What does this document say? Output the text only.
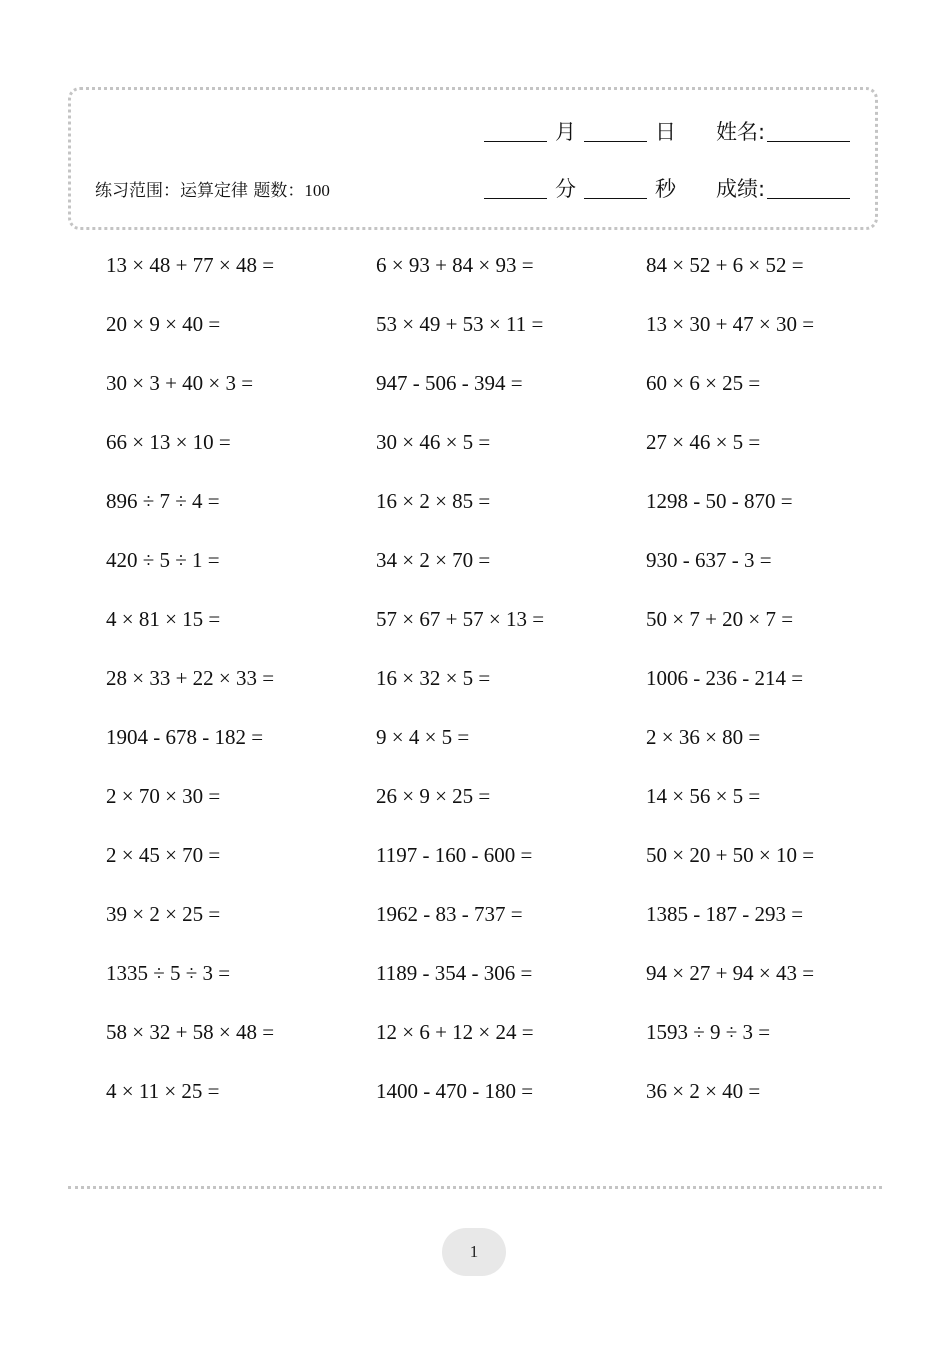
练习范围：运算定律 题数：100
月	日 姓名:
分	秒 成绩:
13 × 48 + 77 × 48 =	6 × 93 + 84 × 93 =	84 × 52 + 6 × 52 =
20 × 9 × 40 =	53 × 49 + 53 × 11 =	13 × 30 + 47 × 30 =
30 × 3 + 40 × 3 =	947 - 506 - 394 =	60 × 6 × 25 =
66 × 13 × 10 =	30 × 46 × 5 =	27 × 46 × 5 =
896 ÷ 7 ÷ 4 =	16 × 2 × 85 =	1298 - 50 - 870 =
420 ÷ 5 ÷ 1 =	34 × 2 × 70 =	930 - 637 - 3 =
4 × 81 × 15 =	57 × 67 + 57 × 13 =	50 × 7 + 20 × 7 =
28 × 33 + 22 × 33 =	16 × 32 × 5 =	1006 - 236 - 214 =
1904 - 678 - 182 =	9 × 4 × 5 =	2 × 36 × 80 =
2 × 70 × 30 =	26 × 9 × 25 =	14 × 56 × 5 =
2 × 45 × 70 =	1197 - 160 - 600 =	50 × 20 + 50 × 10 =
39 × 2 × 25 =	1962 - 83 - 737 =	1385 - 187 - 293 =
1335 ÷ 5 ÷ 3 =	1189 - 354 - 306 =	94 × 27 + 94 × 43 =
58 × 32 + 58 × 48 =	12 × 6 + 12 × 24 =	1593 ÷ 9 ÷ 3 =
4 × 11 × 25 =	1400 - 470 - 180 =	36 × 2 × 40 =
1
